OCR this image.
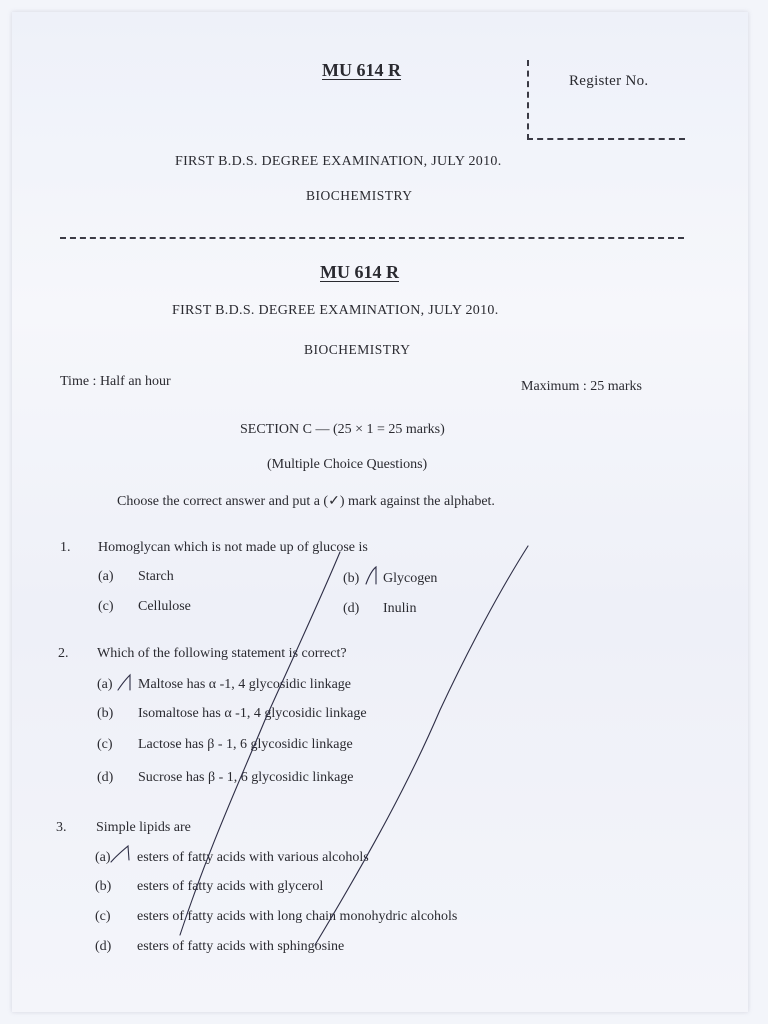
MU 614 R
Register No.
FIRST B.D.S. DEGREE EXAMINATION, JULY 2010.
BIOCHEMISTRY
MU 614 R
FIRST B.D.S. DEGREE EXAMINATION, JULY 2010.
BIOCHEMISTRY
Time : Half an hour	Maximum : 25 marks
SECTION C — (25 × 1 = 25 marks)
(Multiple Choice Questions)
Choose the correct answer and put a (✓) mark against the alphabet.
1. Homoglycan which is not made up of glucose is
(a) Starch	(b) Glycogen
(c) Cellulose	(d) Inulin
2. Which of the following statement is correct?
(a) Maltose has α -1, 4 glycosidic linkage
(b) Isomaltose has α -1, 4 glycosidic linkage
(c) Lactose has β - 1, 6 glycosidic linkage
(d) Sucrose has β - 1, 6 glycosidic linkage
3. Simple lipids are
(a) esters of fatty acids with various alcohols
(b) esters of fatty acids with glycerol
(c) esters of fatty acids with long chain monohydric alcohols
(d) esters of fatty acids with sphingosine
